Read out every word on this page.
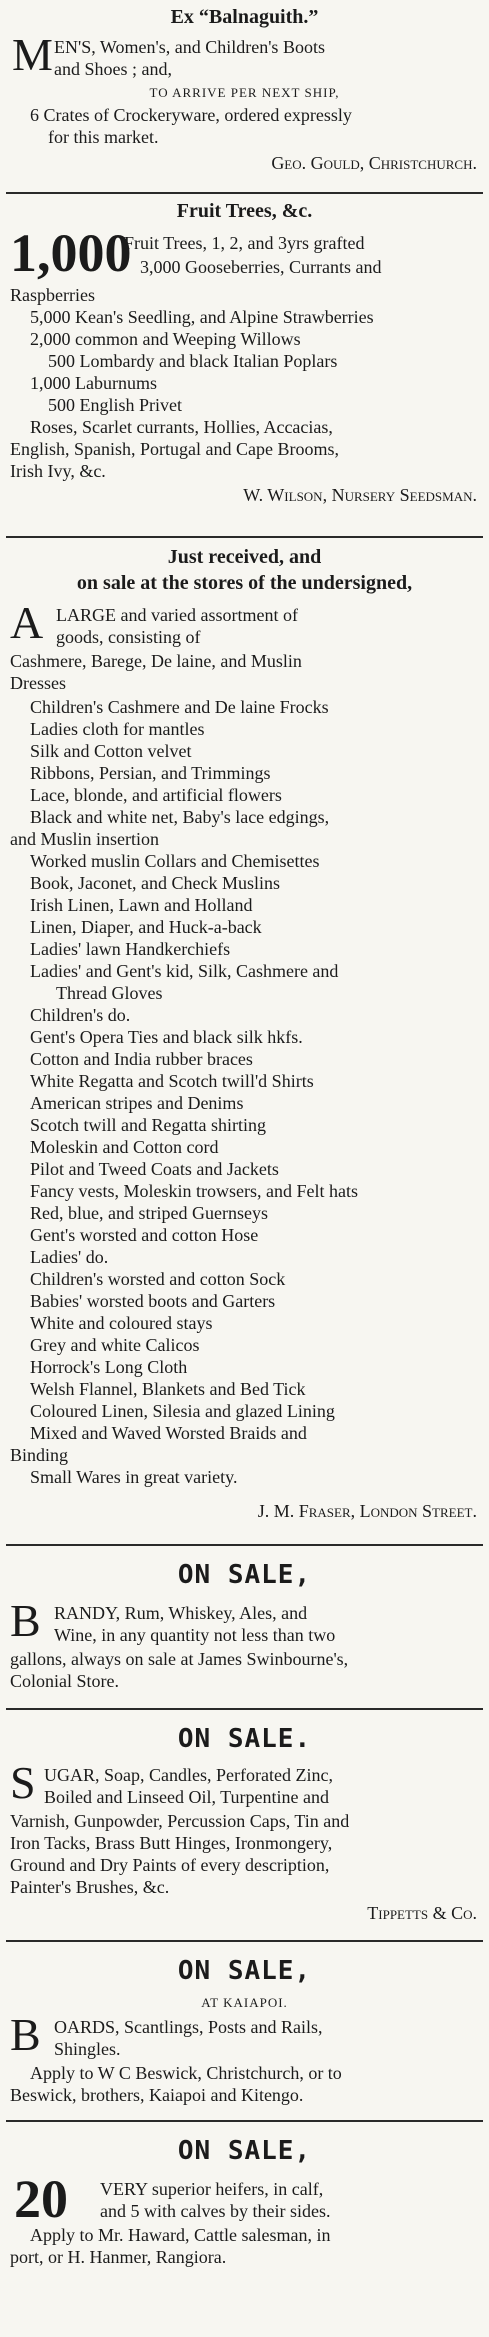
Ex “Balnaguith.”
M EN'S, Women's, and Children's Boots
and Shoes ; and,
TO ARRIVE PER NEXT SHIP,
6 Crates of Crockeryware, ordered expressly
for this market.
Geo. Gould, Christchurch.
Fruit Trees, &c.
1,000
Fruit Trees, 1, 2, and 3yrs grafted
3,000 Gooseberries, Currants and
Raspberries
5,000 Kean's Seedling, and Alpine Strawberries
2,000 common and Weeping Willows
500 Lombardy and black Italian Poplars
1,000 Laburnums
500 English Privet
Roses, Scarlet currants, Hollies, Accacias,
English, Spanish, Portugal and Cape Brooms,
Irish Ivy, &c.
W. Wilson, Nursery Seedsman.
Just received, and
on sale at the stores of the undersigned,
A LARGE and varied assortment of
goods, consisting of
Cashmere, Barege, De laine, and Muslin
Dresses
Children's Cashmere and De laine Frocks
Ladies cloth for mantles
Silk and Cotton velvet
Ribbons, Persian, and Trimmings
Lace, blonde, and artificial flowers
Black and white net, Baby's lace edgings,
and Muslin insertion
Worked muslin Collars and Chemisettes
Book, Jaconet, and Check Muslins
Irish Linen, Lawn and Holland
Linen, Diaper, and Huck-a-back
Ladies' lawn Handkerchiefs
Ladies' and Gent's kid, Silk, Cashmere and
Thread Gloves
Children's do.
Gent's Opera Ties and black silk hkfs.
Cotton and India rubber braces
White Regatta and Scotch twill'd Shirts
American stripes and Denims
Scotch twill and Regatta shirting
Moleskin and Cotton cord
Pilot and Tweed Coats and Jackets
Fancy vests, Moleskin trowsers, and Felt hats
Red, blue, and striped Guernseys
Gent's worsted and cotton Hose
Ladies' do.
Children's worsted and cotton Sock
Babies' worsted boots and Garters
White and coloured stays
Grey and white Calicos
Horrock's Long Cloth
Welsh Flannel, Blankets and Bed Tick
Coloured Linen, Silesia and glazed Lining
Mixed and Waved Worsted Braids and
Binding
Small Wares in great variety.
J. M. Fraser, London Street.
ON SALE,
B RANDY, Rum, Whiskey, Ales, and
Wine, in any quantity not less than two
gallons, always on sale at James Swinbourne's,
Colonial Store.
ON SALE.
S UGAR, Soap, Candles, Perforated Zinc,
Boiled and Linseed Oil, Turpentine and
Varnish, Gunpowder, Percussion Caps, Tin and
Iron Tacks, Brass Butt Hinges, Ironmongery,
Ground and Dry Paints of every description,
Painter's Brushes, &c.
Tippetts & Co.
ON SALE,
AT KAIAPOI.
B OARDS, Scantlings, Posts and Rails,
Shingles.
Apply to W C Beswick, Christchurch, or to
Beswick, brothers, Kaiapoi and Kitengo.
ON SALE,
20 VERY superior heifers, in calf,
and 5 with calves by their sides.
Apply to Mr. Haward, Cattle salesman, in
port, or H. Hanmer, Rangiora.
